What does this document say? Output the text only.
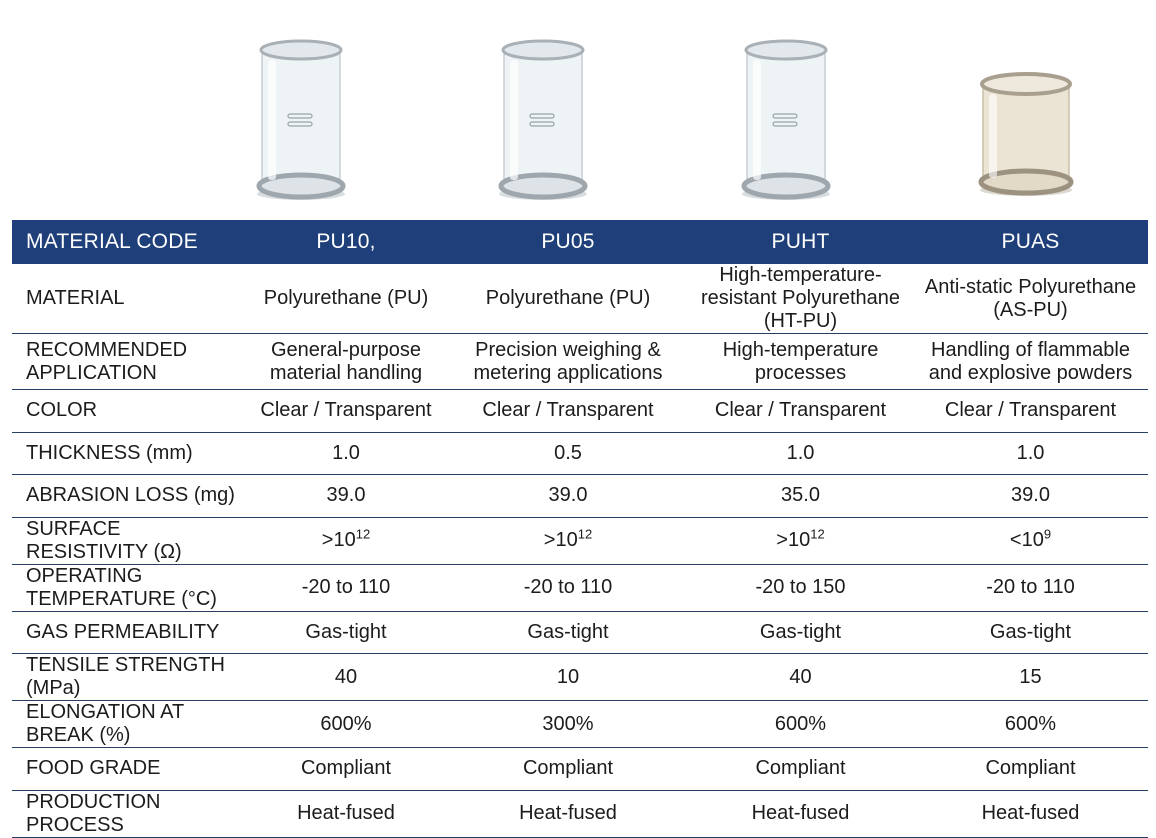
MATERIAL CODE	PU10,	PU05	PUHT	PUAS
MATERIAL	Polyurethane (PU)	Polyurethane (PU)	High-temperature-resistant Polyurethane (HT-PU)	Anti-static Polyurethane (AS-PU)
RECOMMENDED APPLICATION	General-purpose material handling	Precision weighing & metering applications	High-temperature processes	Handling of flammable and explosive powders
COLOR	Clear / Transparent	Clear / Transparent	Clear / Transparent	Clear / Transparent
THICKNESS (mm)	1.0	0.5	1.0	1.0
ABRASION LOSS (mg)	39.0	39.0	35.0	39.0
SURFACE RESISTIVITY (Ω)	$>10^{12}$	$>10^{12}$	$>10^{12}$	$<10^9$
OPERATING TEMPERATURE (°C)	-20 to 110	-20 to 110	-20 to 150	-20 to 110
GAS PERMEABILITY	Gas-tight	Gas-tight	Gas-tight	Gas-tight
TENSILE STRENGTH (MPa)	40	10	40	15
ELONGATION AT BREAK (%)	600%	300%	600%	600%
FOOD GRADE	Compliant	Compliant	Compliant	Compliant
PRODUCTION PROCESS	Heat-fused	Heat-fused	Heat-fused	Heat-fused
